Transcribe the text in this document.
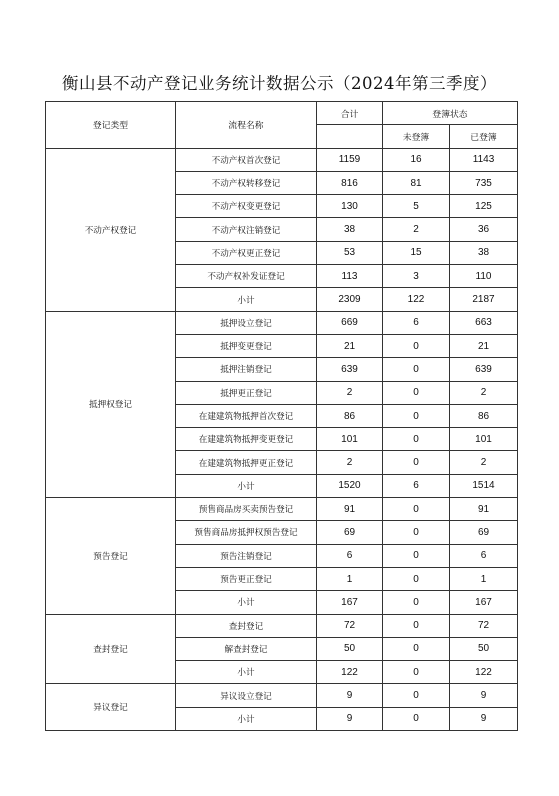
衡山县不动产登记业务统计数据公示（2024年第三季度）
登记类型	流程名称	合计	登簿状态	
			未登簿	已登簿
不动产权登记	不动产权首次登记	1159	16	1143
	不动产权转移登记	816	81	735
	不动产权变更登记	130	5	125
	不动产权注销登记	38	2	36
	不动产权更正登记	53	15	38
	不动产权补发证登记	113	3	110
	小计	2309	122	2187
抵押权登记	抵押设立登记	669	6	663
	抵押变更登记	21	0	21
	抵押注销登记	639	0	639
	抵押更正登记	2	0	2
	在建建筑物抵押首次登记	86	0	86
	在建建筑物抵押变更登记	101	0	101
	在建建筑物抵押更正登记	2	0	2
	小计	1520	6	1514
预告登记	预售商品房买卖预告登记	91	0	91
	预售商品房抵押权预告登记	69	0	69
	预告注销登记	6	0	6
	预告更正登记	1	0	1
	小计	167	0	167
查封登记	查封登记	72	0	72
	解查封登记	50	0	50
	小计	122	0	122
异议登记	异议设立登记	9	0	9
	小计	9	0	9
